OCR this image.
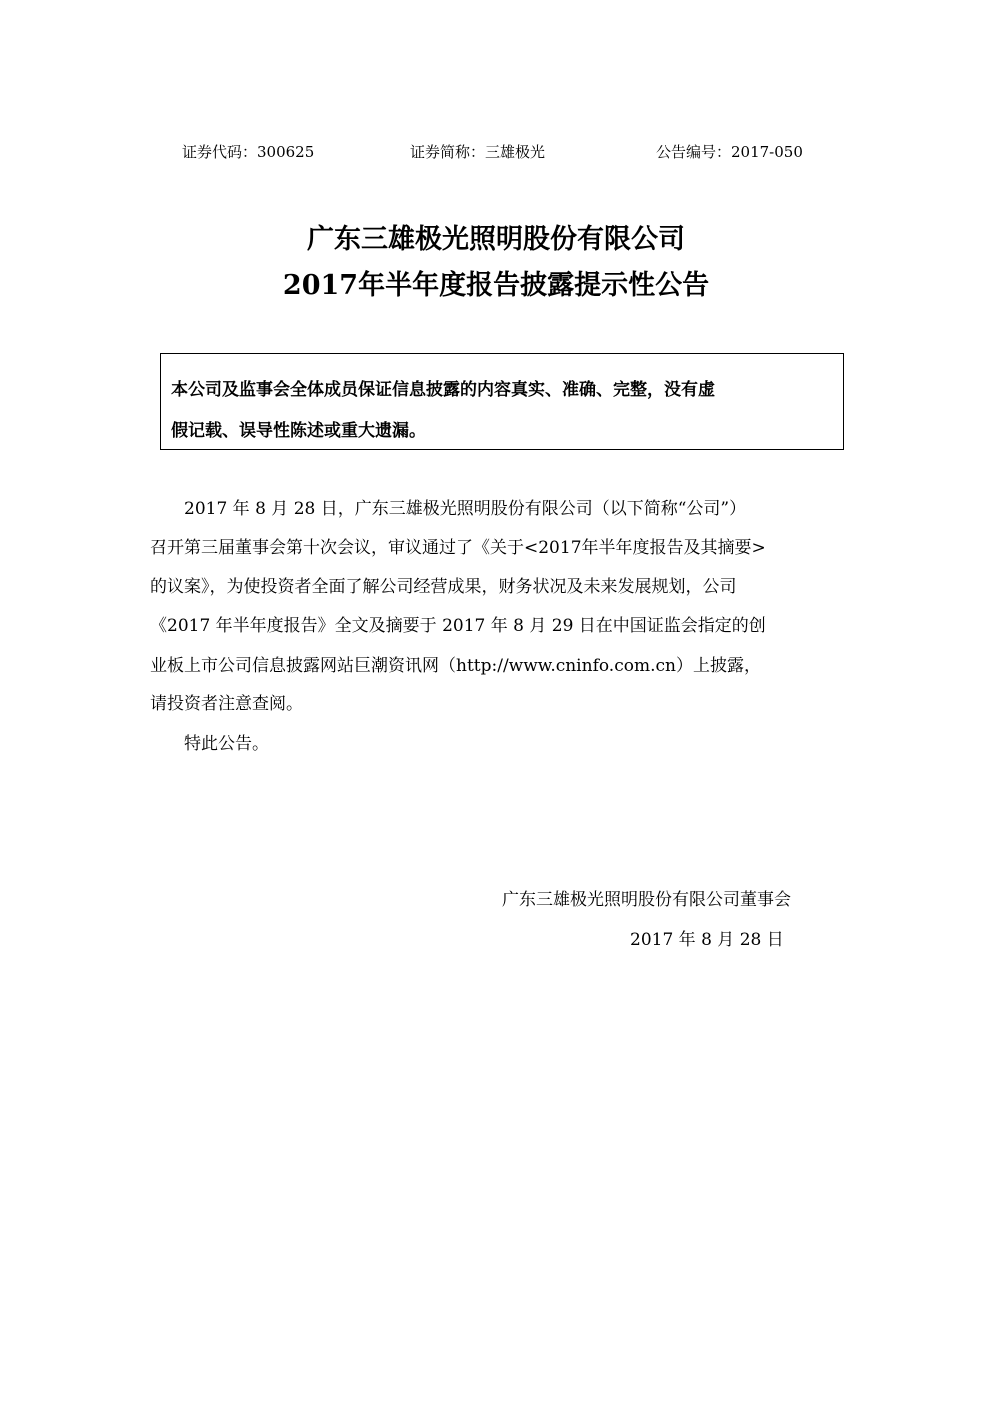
证券代码：300625	证券简称：三雄极光	公告编号：2017-050
广东三雄极光照明股份有限公司
2017年半年度报告披露提示性公告

本公司及监事会全体成员保证信息披露的内容真实、准确、完整，没有虚

假记载、误导性陈述或重大遗漏。

　　2017 年 8 月 28 日，广东三雄极光照明股份有限公司（以下简称“公司”）
召开第三届董事会第十次会议，审议通过了《关于<2017年半年度报告及其摘要>
的议案》，为使投资者全面了解公司经营成果，财务状况及未来发展规划，公司
《2017 年半年度报告》全文及摘要于 2017 年 8 月 29 日在中国证监会指定的创
业板上市公司信息披露网站巨潮资讯网（http://www.cninfo.com.cn）上披露，
请投资者注意查阅。
　　特此公告。
广东三雄极光照明股份有限公司董事会
2017 年 8 月 28 日
